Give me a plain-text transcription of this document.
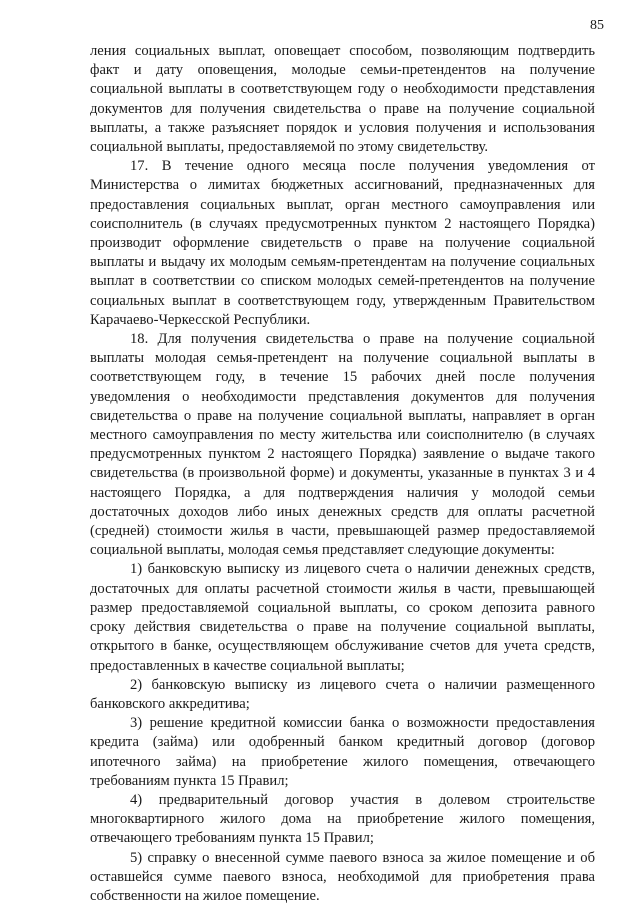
85

ления социальных выплат, оповещает способом, позволяющим подтвердить факт и дату оповещения, молодые семьи-претендентов на получение социальной выплаты в соответствующем году о необходимости представления документов для получения свидетельства о праве на получение социальной выплаты, а также разъясняет порядок и условия получения и использования социальной выплаты, предоставляемой по этому свидетельству.

17. В течение одного месяца после получения уведомления от Министерства о лимитах бюджетных ассигнований, предназначенных для предоставления социальных выплат, орган местного самоуправления или соисполнитель (в случаях предусмотренных пунктом 2 настоящего Порядка) производит оформление свидетельств о праве на получение социальной выплаты и выдачу их молодым семьям-претендентам на получение социальных выплат в соответствии со списком молодых семей-претендентов на получение социальных выплат в соответствующем году, утвержденным Правительством Карачаево-Черкесской Республики.

18. Для получения свидетельства о праве на получение социальной выплаты молодая семья-претендент на получение социальной выплаты в соответствующем году, в течение 15 рабочих дней после получения уведомления о необходимости представления документов для получения свидетельства о праве на получение социальной выплаты, направляет в орган местного самоуправления по месту жительства или соисполнителю (в случаях предусмотренных пунктом 2 настоящего Порядка) заявление о выдаче такого свидетельства (в произвольной форме) и документы, указанные в пунктах 3 и 4 настоящего Порядка, а для подтверждения наличия у молодой семьи достаточных доходов либо иных денежных средств для оплаты расчетной (средней) стоимости жилья в части, превышающей размер предоставляемой социальной выплаты, молодая семья представляет следующие документы:

1) банковскую выписку из лицевого счета о наличии денежных средств, достаточных для оплаты расчетной стоимости жилья в части, превышающей размер предоставляемой социальной выплаты, со сроком депозита равного сроку действия свидетельства о праве на получение социальной выплаты, открытого в банке, осуществляющем обслуживание счетов для учета средств, предоставленных в качестве социальной выплаты;

2) банковскую выписку из лицевого счета о наличии размещенного банковского аккредитива;

3) решение кредитной комиссии банка о возможности предоставления кредита (займа) или одобренный банком кредитный договор (договор ипотечного займа) на приобретение жилого помещения, отвечающего требованиям пункта 15 Правил;

4) предварительный договор участия в долевом строительстве многоквартирного жилого дома на приобретение жилого помещения, отвечающего требованиям пункта 15 Правил;

5) справку о внесенной сумме паевого взноса за жилое помещение и об оставшейся сумме паевого взноса, необходимой для приобретения права собственности на жилое помещение.
